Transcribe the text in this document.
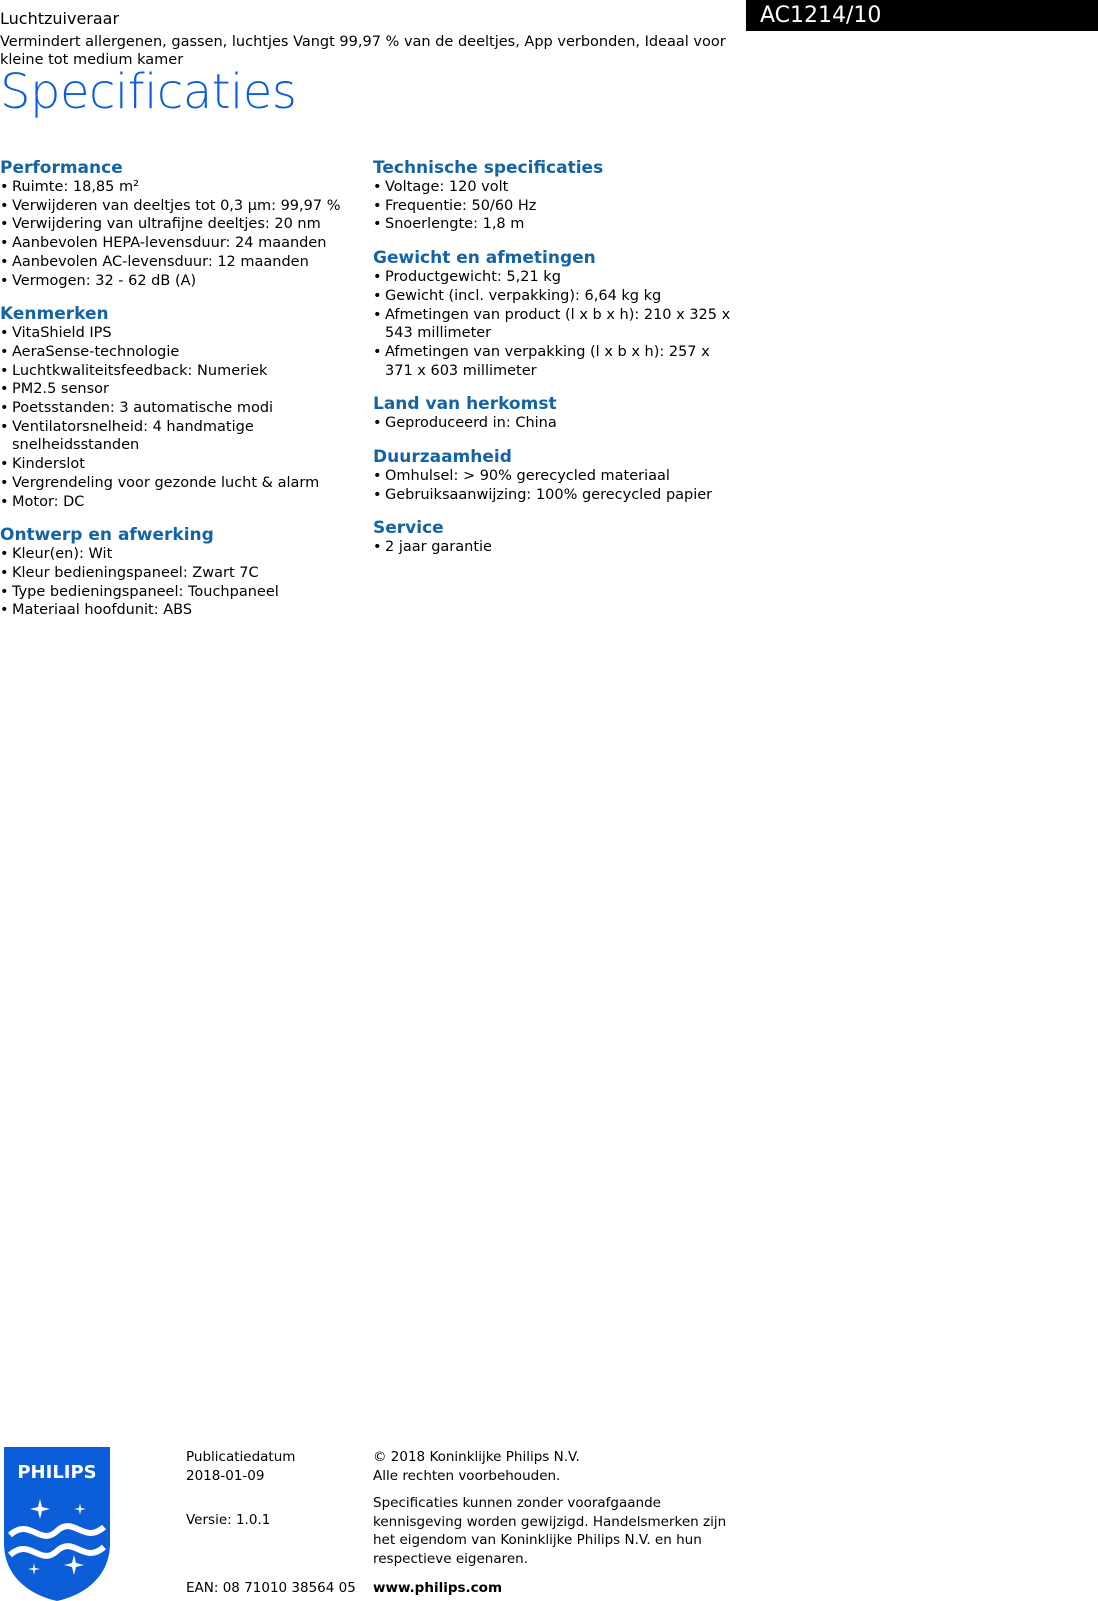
Luchtzuiveraar
Vermindert allergenen, gassen, luchtjes Vangt 99,97 % van de deeltjes, App verbonden, Ideaal voor kleine tot medium kamer
AC1214/10
Specificaties
Performance
• Ruimte: 18,85 m²
• Verwijderen van deeltjes tot 0,3 µm: 99,97 %
• Verwijdering van ultrafijne deeltjes: 20 nm
• Aanbevolen HEPA-levensduur: 24 maanden
• Aanbevolen AC-levensduur: 12 maanden
• Vermogen: 32 - 62 dB (A)
Kenmerken
• VitaShield IPS
• AeraSense-technologie
• Luchtkwaliteitsfeedback: Numeriek
• PM2.5 sensor
• Poetsstanden: 3 automatische modi
• Ventilatorsnelheid: 4 handmatige snelheidsstanden
• Kinderslot
• Vergrendeling voor gezonde lucht & alarm
• Motor: DC
Ontwerp en afwerking
• Kleur(en): Wit
• Kleur bedieningspaneel: Zwart 7C
• Type bedieningspaneel: Touchpaneel
• Materiaal hoofdunit: ABS
Technische specificaties
• Voltage: 120 volt
• Frequentie: 50/60 Hz
• Snoerlengte: 1,8 m
Gewicht en afmetingen
• Productgewicht: 5,21 kg
• Gewicht (incl. verpakking): 6,64 kg kg
• Afmetingen van product (l x b x h): 210 x 325 x 543 millimeter
• Afmetingen van verpakking (l x b x h): 257 x 371 x 603 millimeter
Land van herkomst
• Geproduceerd in: China
Duurzaamheid
• Omhulsel: > 90% gerecycled materiaal
• Gebruiksaanwijzing: 100% gerecycled papier
Service
• 2 jaar garantie
PHILIPS
Publicatiedatum
2018-01-09
Versie: 1.0.1
EAN: 08 71010 38564 05
© 2018 Koninklijke Philips N.V.
Alle rechten voorbehouden.
Specificaties kunnen zonder voorafgaande kennisgeving worden gewijzigd. Handelsmerken zijn het eigendom van Koninklijke Philips N.V. en hun respectieve eigenaren.
www.philips.com
